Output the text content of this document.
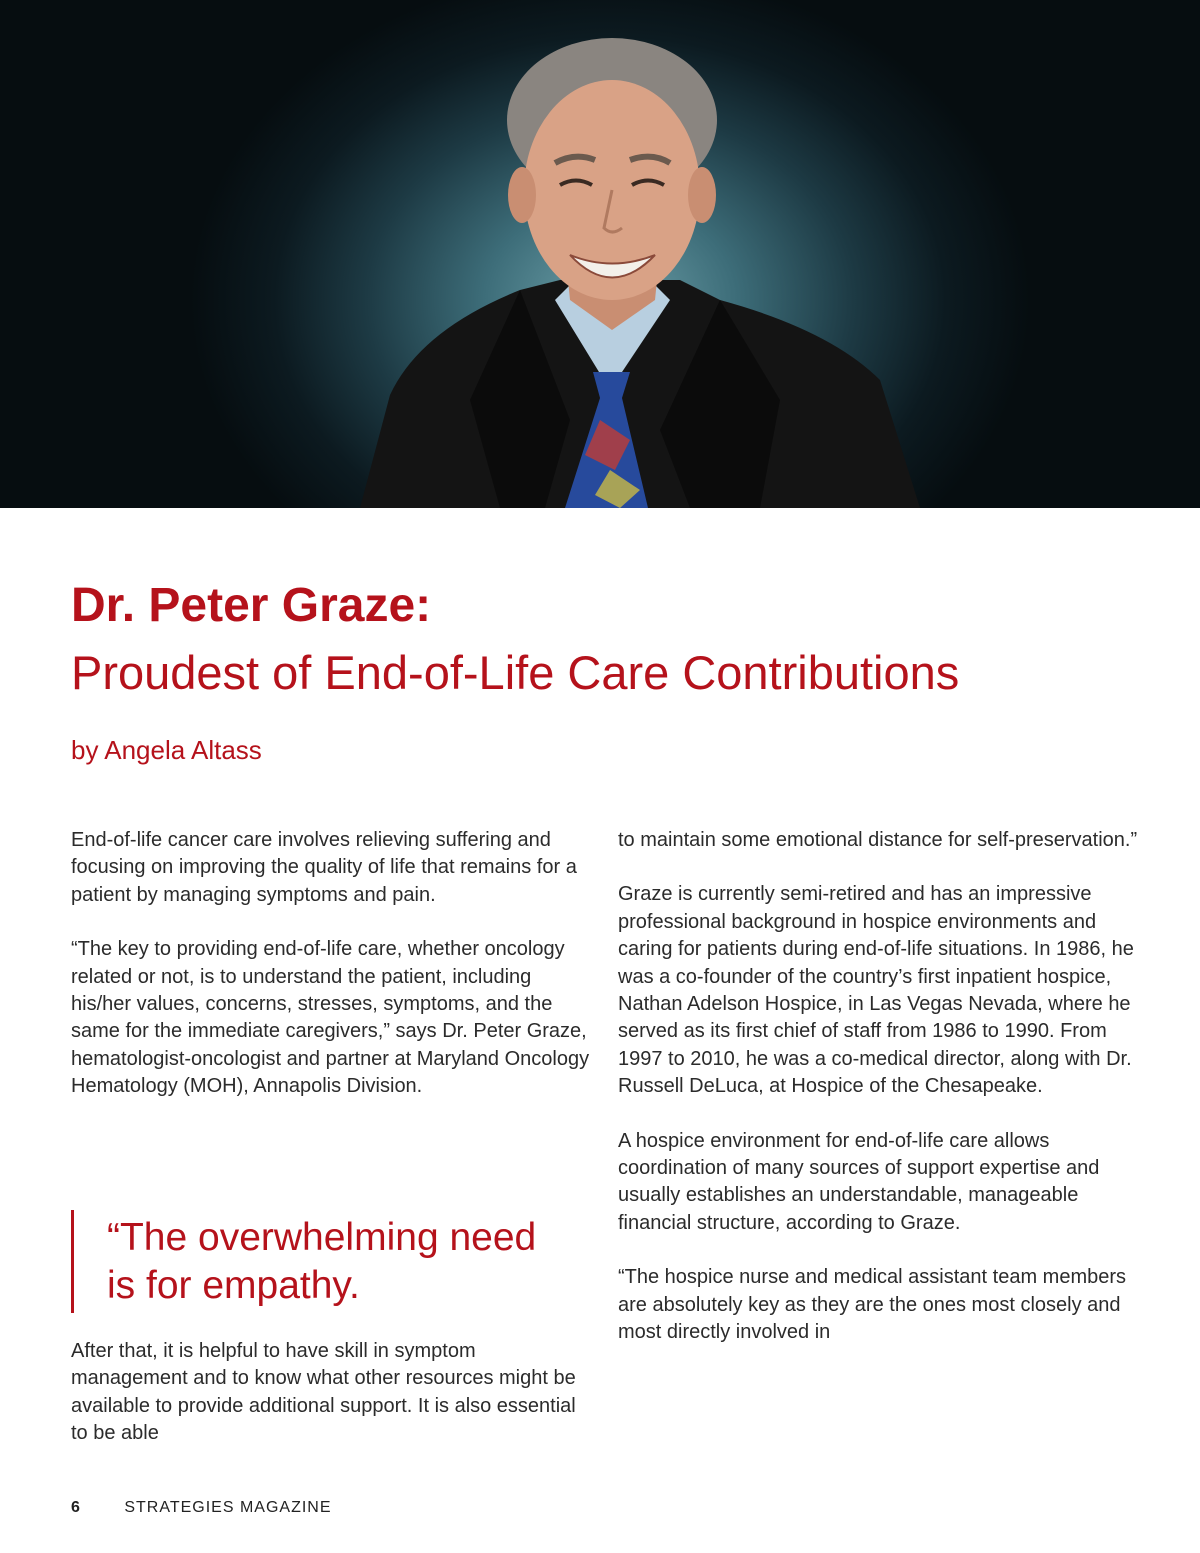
Dr. Peter Graze:
Proudest of End-of-Life Care Contributions
by Angela Altass

End-of-life cancer care involves relieving suffering and focusing on improving the quality of life that remains for a patient by managing symptoms and pain.

“The key to providing end-of-life care, whether oncology related or not, is to understand the patient, including his/her values, concerns, stresses, symptoms, and the same for the immediate caregivers,” says Dr. Peter Graze, hematologist-oncologist and partner at Maryland Oncology Hematology (MOH), Annapolis Division.

“The overwhelming need is for empathy.

After that, it is helpful to have skill in symptom management and to know what other resources might be available to provide additional support. It is also essential to be able

to maintain some emotional distance for self-preservation.”

Graze is currently semi-retired and has an impressive professional background in hospice environments and caring for patients during end-of-life situations. In 1986, he was a co-founder of the country’s first inpatient hospice, Nathan Adelson Hospice, in Las Vegas Nevada, where he served as its first chief of staff from 1986 to 1990. From 1997 to 2010, he was a co-medical director, along with Dr. Russell DeLuca, at Hospice of the Chesapeake.

A hospice environment for end-of-life care allows coordination of many sources of support expertise and usually establishes an understandable, manageable financial structure, according to Graze.

“The hospice nurse and medical assistant team members are absolutely key as they are the ones most closely and most directly involved in

6	STRATEGIES MAGAZINE
